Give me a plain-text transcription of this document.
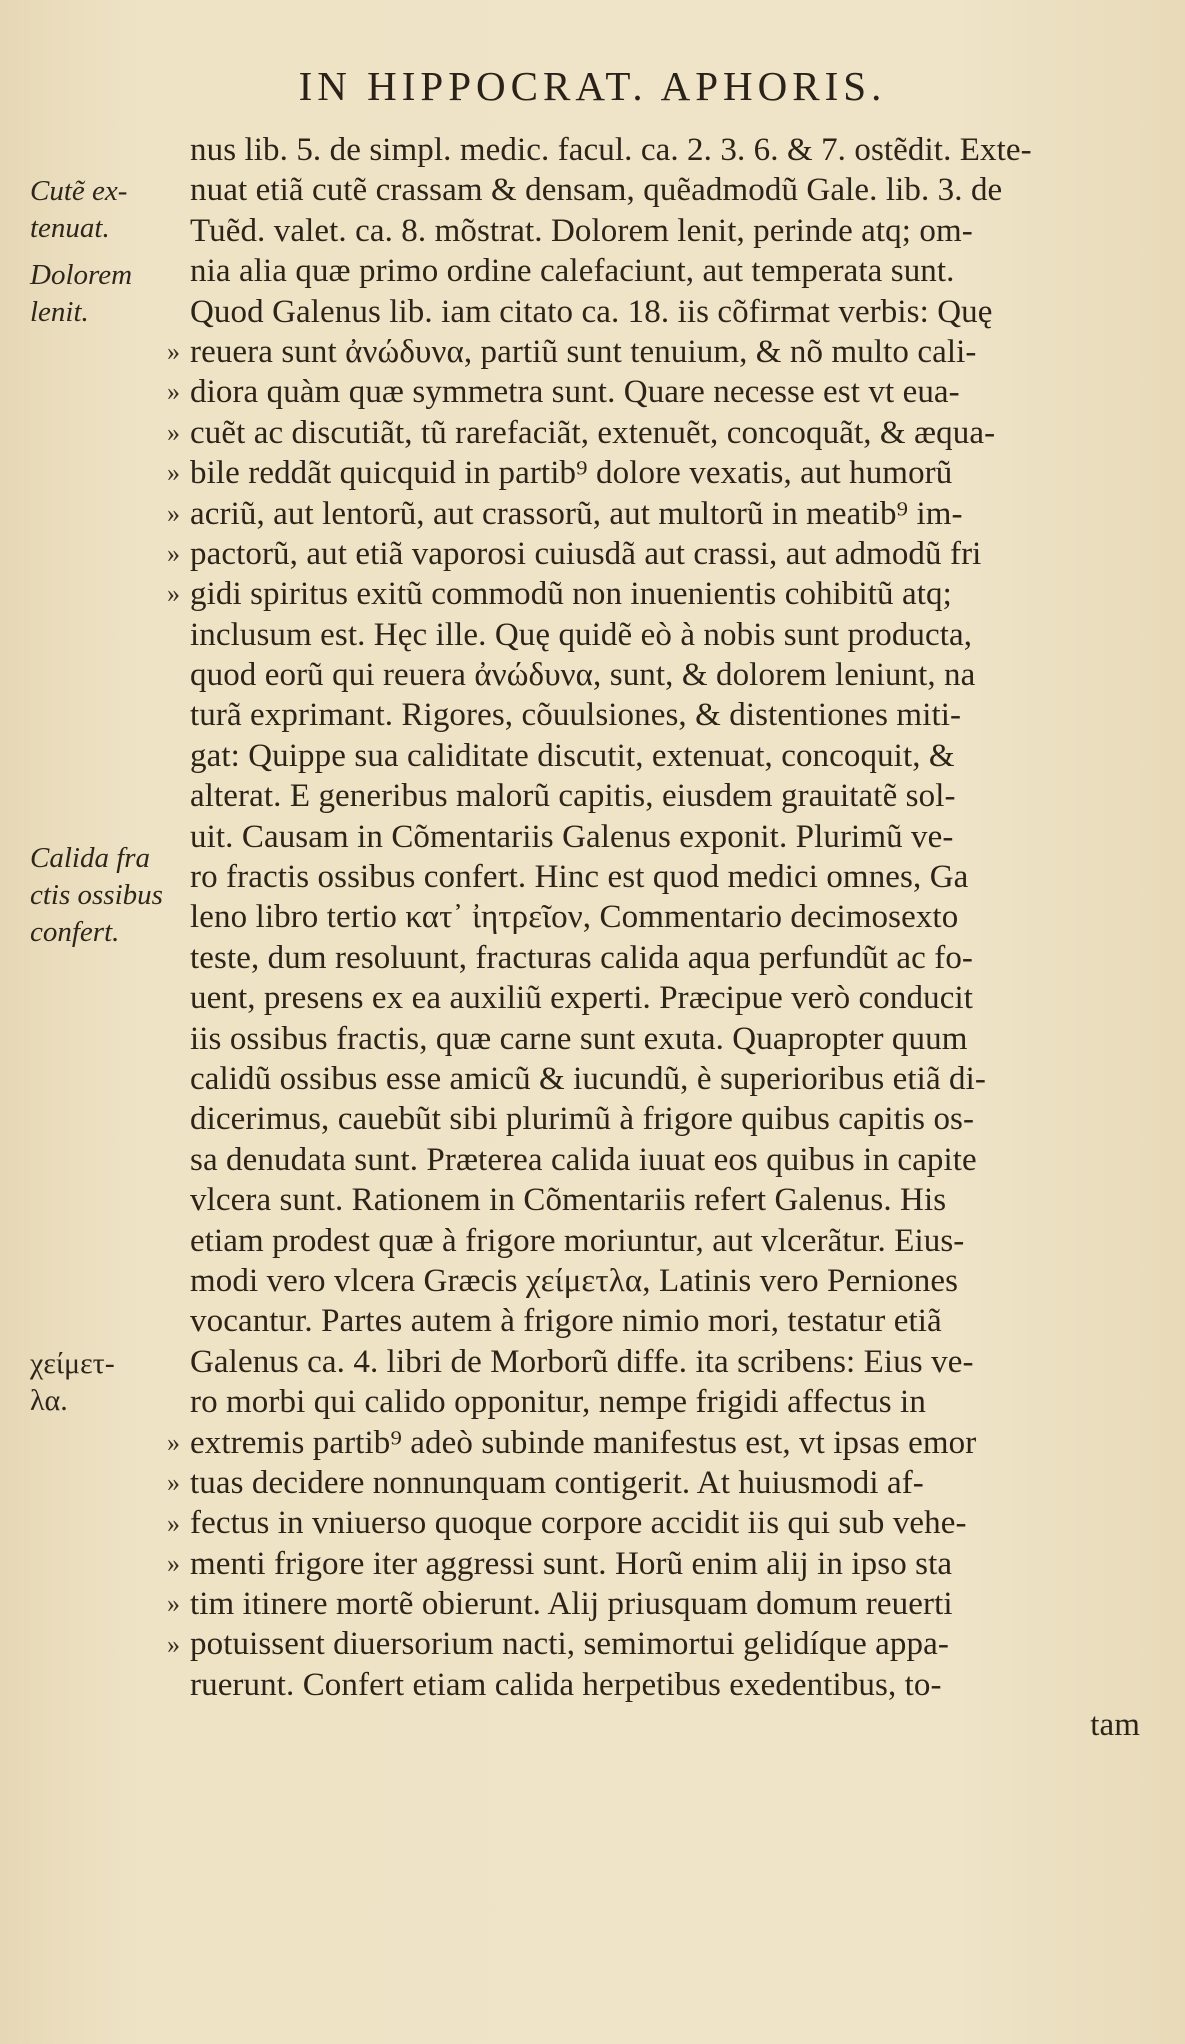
IN HIPPOCRAT. APHORIS.
Cutẽ ex-
tenuat.
Dolorem
lenit.
Calida fra
ctis ossibus
confert.
χείμετ-
λα.
»
»
»
»
»
»
»
»
»
»
»
»
»
nus lib. 5. de simpl. medic. facul. ca. 2. 3. 6. & 7. ostẽdit. Exte-
nuat etiã cutẽ crassam & densam, quẽadmodũ Gale. lib. 3. de
Tuẽd. valet. ca. 8. mõstrat. Dolorem lenit, perinde atq; om-
nia alia quæ primo ordine calefaciunt, aut temperata sunt.
Quod Galenus lib. iam citato ca. 18. iis cõfirmat verbis: Quę
reuera sunt ἀνώδυνα, partiũ sunt tenuium, & nõ multo cali-
diora quàm quæ symmetra sunt. Quare necesse est vt eua-
cuẽt ac discutiãt, tũ rarefaciãt, extenuẽt, concoquãt, & æqua-
bile reddãt quicquid in partib⁹ dolore vexatis, aut humorũ
acriũ, aut lentorũ, aut crassorũ, aut multorũ in meatib⁹ im-
pactorũ, aut etiã vaporosi cuiusdã aut crassi, aut admodũ fri
gidi spiritus exitũ commodũ non inuenientis cohibitũ atq;
inclusum est. Hęc ille. Quę quidẽ eò à nobis sunt producta,
quod eorũ qui reuera ἀνώδυνα, sunt, & dolorem leniunt, na
turã exprimant. Rigores, cõuulsiones, & distentiones miti-
gat: Quippe sua caliditate discutit, extenuat, concoquit, &
alterat. E generibus malorũ capitis, eiusdem grauitatẽ sol-
uit. Causam in Cõmentariis Galenus exponit. Plurimũ ve-
ro fractis ossibus confert. Hinc est quod medici omnes, Ga
leno libro tertio κατ᾽ ἰητρεῖον, Commentario decimosexto
teste, dum resoluunt, fracturas calida aqua perfundũt ac fo-
uent, presens ex ea auxiliũ experti. Præcipue verò conducit
iis ossibus fractis, quæ carne sunt exuta. Quapropter quum
calidũ ossibus esse amicũ & iucundũ, è superioribus etiã di-
dicerimus, cauebũt sibi plurimũ à frigore quibus capitis os-
sa denudata sunt. Præterea calida iuuat eos quibus in capite
vlcera sunt. Rationem in Cõmentariis refert Galenus. His
etiam prodest quæ à frigore moriuntur, aut vlcerãtur. Eius-
modi vero vlcera Græcis χείμετλα, Latinis vero Perniones
vocantur. Partes autem à frigore nimio mori, testatur etiã
Galenus ca. 4. libri de Morborũ diffe. ita scribens: Eius ve-
ro morbi qui calido opponitur, nempe frigidi affectus in
extremis partib⁹ adeò subinde manifestus est, vt ipsas emor
tuas decidere nonnunquam contigerit. At huiusmodi af-
fectus in vniuerso quoque corpore accidit iis qui sub vehe-
menti frigore iter aggressi sunt. Horũ enim alij in ipso sta
tim itinere mortẽ obierunt. Alij priusquam domum reuerti
potuissent diuersorium nacti, semimortui gelidíque appa-
ruerunt. Confert etiam calida herpetibus exedentibus, to-
tam
